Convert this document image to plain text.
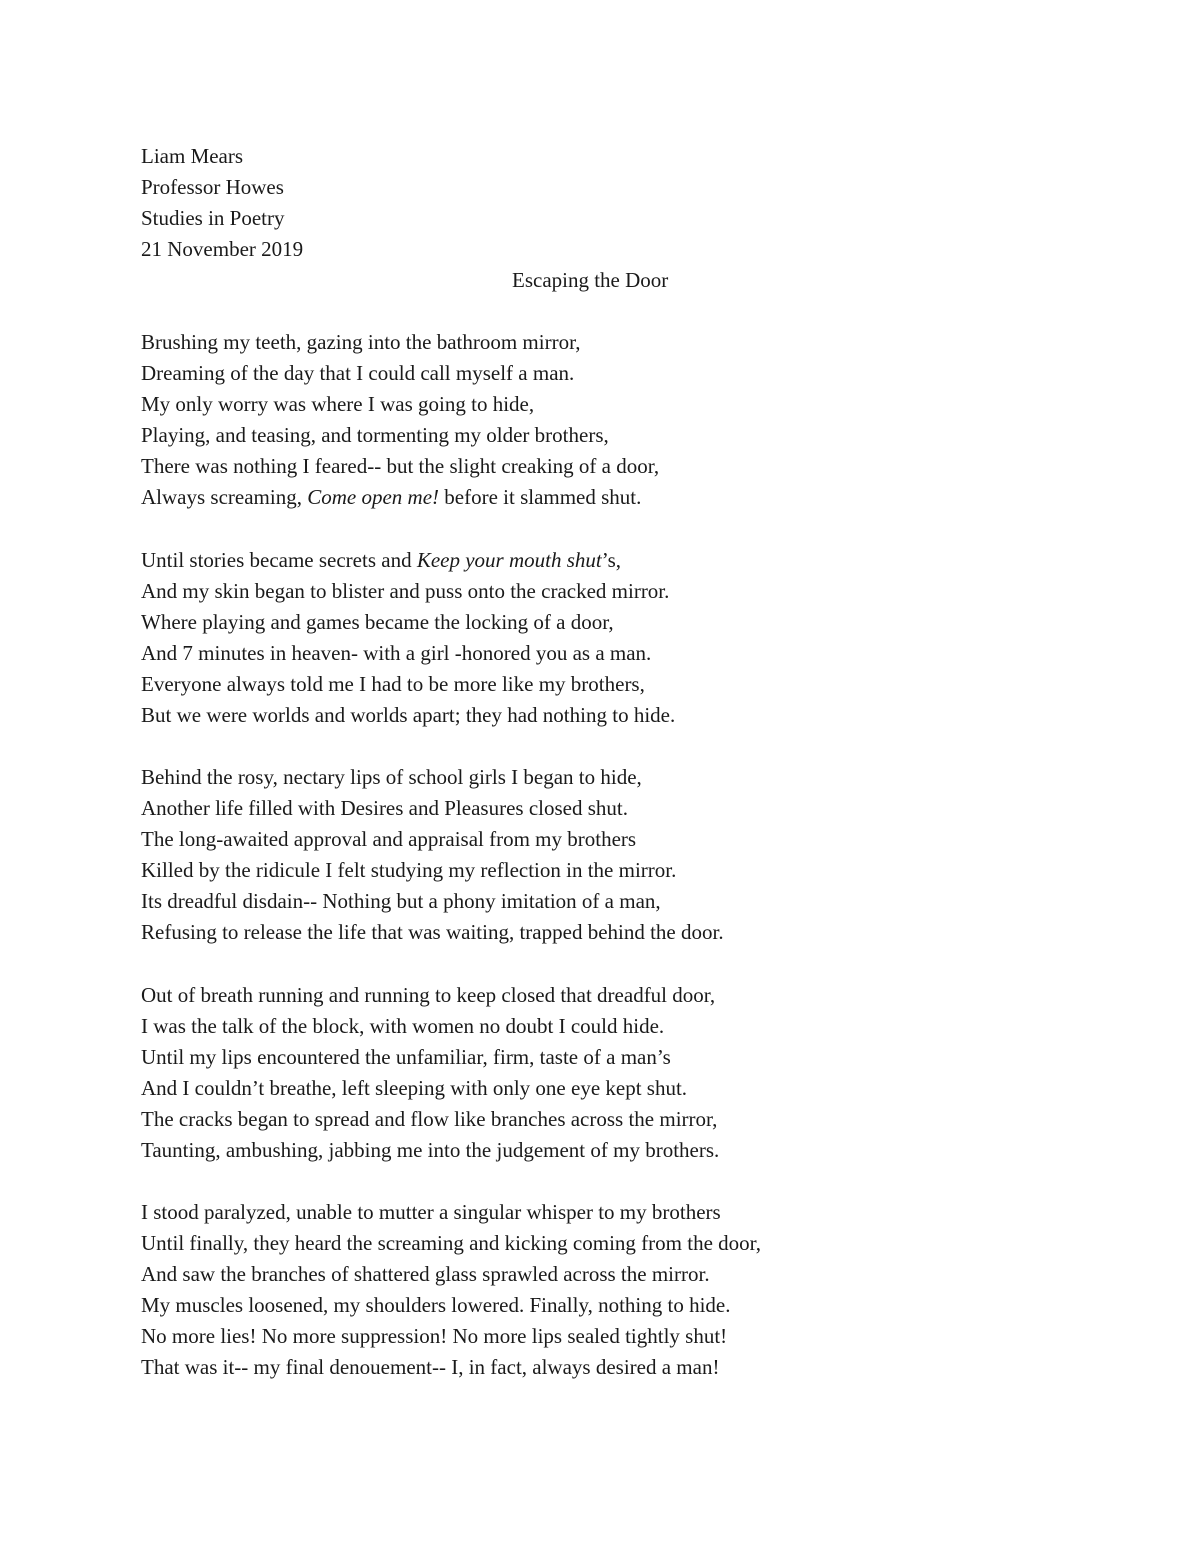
Liam Mears
Professor Howes
Studies in Poetry
21 November 2019
Escaping the Door
Brushing my teeth, gazing into the bathroom mirror,
Dreaming of the day that I could call myself a man.
My only worry was where I was going to hide,
Playing, and teasing, and tormenting my older brothers,
There was nothing I feared-- but the slight creaking of a door,
Always screaming, Come open me! before it slammed shut.
Until stories became secrets and Keep your mouth shut’s,
And my skin began to blister and puss onto the cracked mirror.
Where playing and games became the locking of a door,
And 7 minutes in heaven- with a girl -honored you as a man.
Everyone always told me I had to be more like my brothers,
But we were worlds and worlds apart; they had nothing to hide.
Behind the rosy, nectary lips of school girls I began to hide,
Another life filled with Desires and Pleasures closed shut.
The long-awaited approval and appraisal from my brothers
Killed by the ridicule I felt studying my reflection in the mirror.
Its dreadful disdain-- Nothing but a phony imitation of a man,
Refusing to release the life that was waiting, trapped behind the door.
Out of breath running and running to keep closed that dreadful door,
I was the talk of the block, with women no doubt I could hide.
Until my lips encountered the unfamiliar, firm, taste of a man’s
And I couldn’t breathe, left sleeping with only one eye kept shut.
The cracks began to spread and flow like branches across the mirror,
Taunting, ambushing, jabbing me into the judgement of my brothers.
I stood paralyzed, unable to mutter a singular whisper to my brothers
Until finally, they heard the screaming and kicking coming from the door,
And saw the branches of shattered glass sprawled across the mirror.
My muscles loosened, my shoulders lowered. Finally, nothing to hide.
No more lies! No more suppression! No more lips sealed tightly shut!
That was it-- my final denouement-- I, in fact, always desired a man!
